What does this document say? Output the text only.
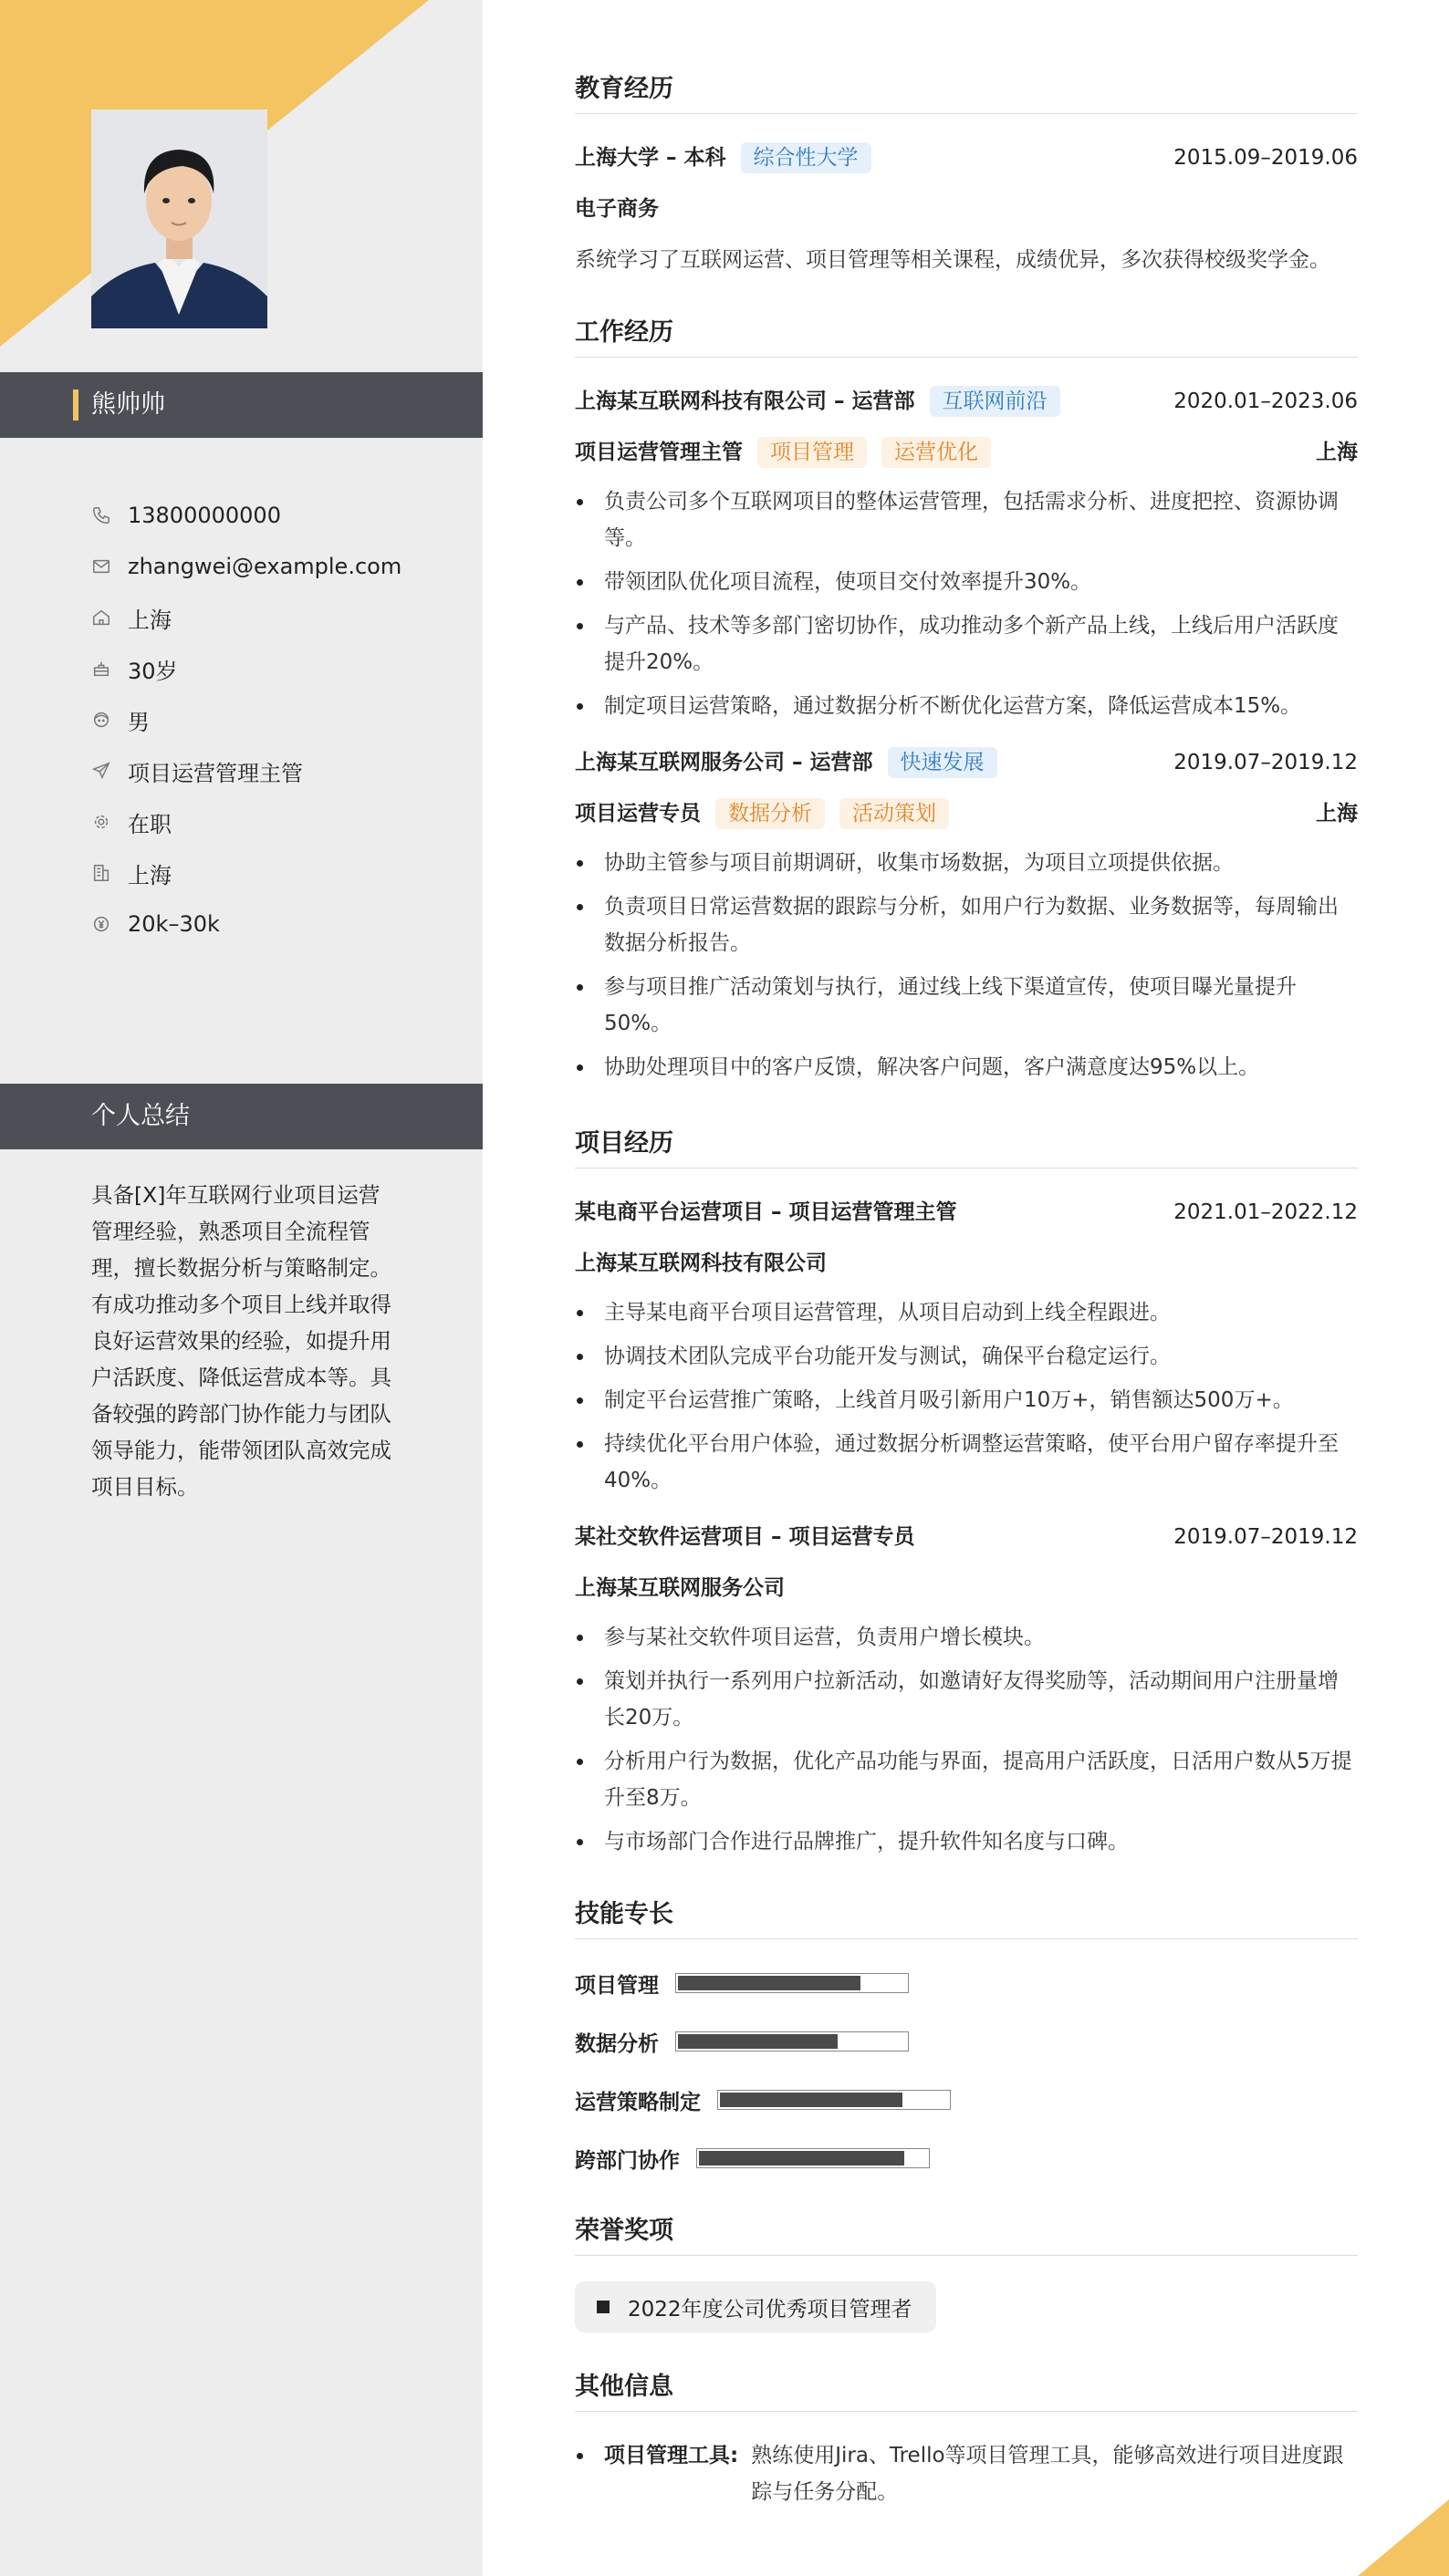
熊帅帅
13800000000
zhangwei@example.com
上海
30岁
男
项目运营管理主管
在职
上海
20k–30k
个人总结
具备[X]年互联网行业项目运营管理经验，熟悉项目全流程管理，擅长数据分析与策略制定。有成功推动多个项目上线并取得良好运营效果的经验，如提升用户活跃度、降低运营成本等。具备较强的跨部门协作能力与团队领导能力，能带领团队高效完成项目目标。
教育经历
上海大学 – 本科	综合性大学	2015.09–2019.06
电子商务
系统学习了互联网运营、项目管理等相关课程，成绩优异，多次获得校级奖学金。
工作经历
上海某互联网科技有限公司 – 运营部	互联网前沿	2020.01–2023.06
项目运营管理主管	项目管理	运营优化	上海
负责公司多个互联网项目的整体运营管理，包括需求分析、进度把控、资源协调等。
带领团队优化项目流程，使项目交付效率提升30%。
与产品、技术等多部门密切协作，成功推动多个新产品上线，上线后用户活跃度提升20%。
制定项目运营策略，通过数据分析不断优化运营方案，降低运营成本15%。
上海某互联网服务公司 – 运营部	快速发展	2019.07–2019.12
项目运营专员	数据分析	活动策划	上海
协助主管参与项目前期调研，收集市场数据，为项目立项提供依据。
负责项目日常运营数据的跟踪与分析，如用户行为数据、业务数据等，每周输出数据分析报告。
参与项目推广活动策划与执行，通过线上线下渠道宣传，使项目曝光量提升50%。
协助处理项目中的客户反馈，解决客户问题，客户满意度达95%以上。
项目经历
某电商平台运营项目 – 项目运营管理主管	2021.01–2022.12
上海某互联网科技有限公司
主导某电商平台项目运营管理，从项目启动到上线全程跟进。
协调技术团队完成平台功能开发与测试，确保平台稳定运行。
制定平台运营推广策略，上线首月吸引新用户10万+，销售额达500万+。
持续优化平台用户体验，通过数据分析调整运营策略，使平台用户留存率提升至40%。
某社交软件运营项目 – 项目运营专员	2019.07–2019.12
上海某互联网服务公司
参与某社交软件项目运营，负责用户增长模块。
策划并执行一系列用户拉新活动，如邀请好友得奖励等，活动期间用户注册量增长20万。
分析用户行为数据，优化产品功能与界面，提高用户活跃度，日活用户数从5万提升至8万。
与市场部门合作进行品牌推广，提升软件知名度与口碑。
技能专长
项目管理
数据分析
运营策略制定
跨部门协作
荣誉奖项
2022年度公司优秀项目管理者
其他信息
项目管理工具: 熟练使用Jira、Trello等项目管理工具，能够高效进行项目进度跟踪与任务分配。
